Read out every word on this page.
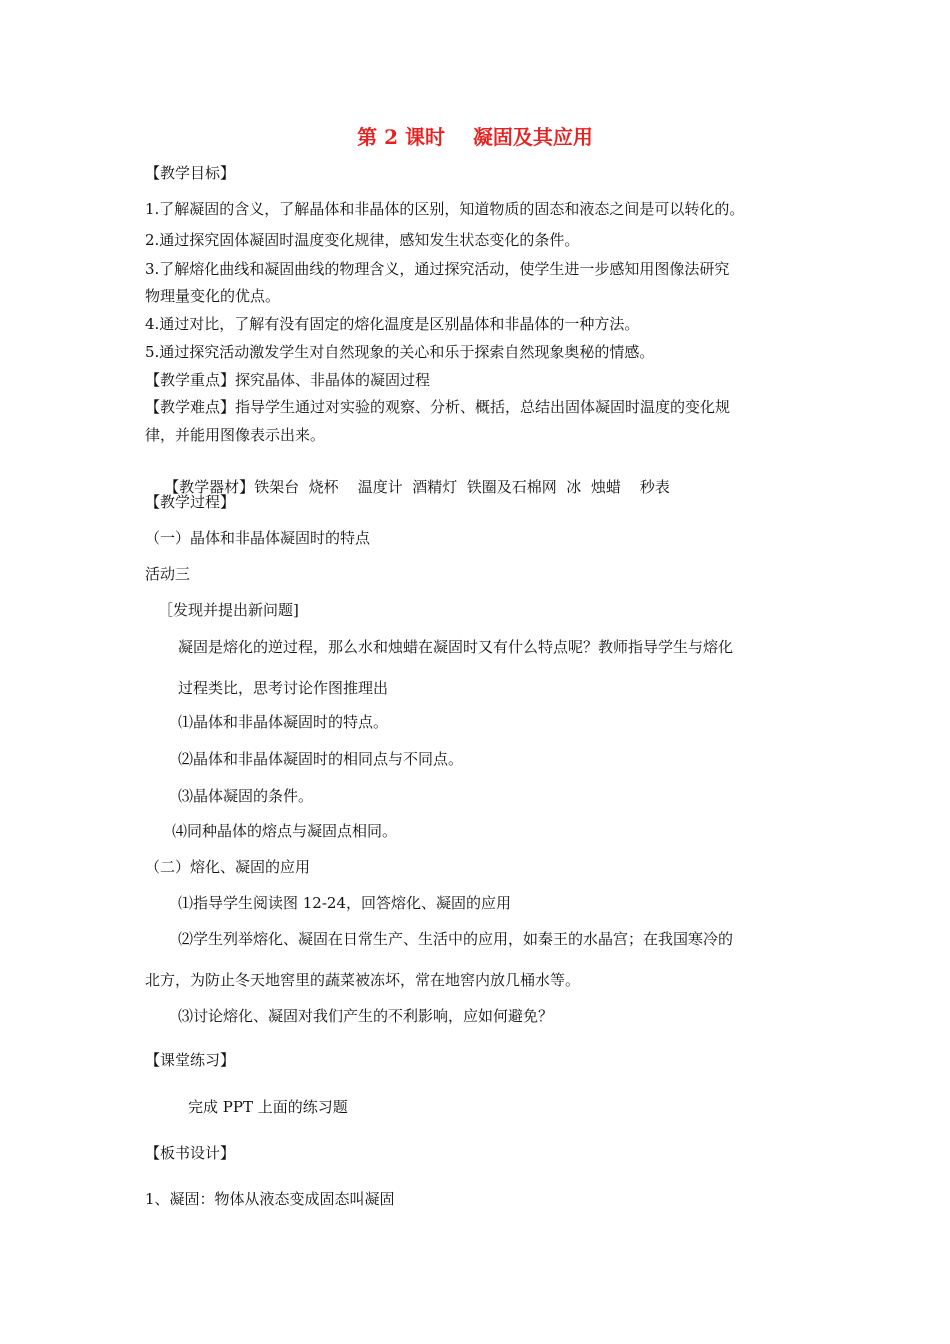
第 2 课时    凝固及其应用
【教学目标】
1.了解凝固的含义，了解晶体和非晶体的区别，知道物质的固态和液态之间是可以转化的。
2.通过探究固体凝固时温度变化规律，感知发生状态变化的条件。
3.了解熔化曲线和凝固曲线的物理含义，通过探究活动，使学生进一步感知用图像法研究
物理量变化的优点。
4.通过对比，了解有没有固定的熔化温度是区别晶体和非晶体的一种方法。
5.通过探究活动激发学生对自然现象的关心和乐于探索自然现象奥秘的情感。
【教学重点】探究晶体、非晶体的凝固过程
【教学难点】指导学生通过对实验的观察、分析、概括，总结出固体凝固时温度的变化规
律，并能用图像表示出来。

【教学器材】铁架台  烧杯    温度计  酒精灯  铁圈及石棉网  冰  烛蜡    秒表

【教学过程】
（一）晶体和非晶体凝固时的特点
活动三
［发现并提出新问题]
凝固是熔化的逆过程，那么水和烛蜡在凝固时又有什么特点呢？教师指导学生与熔化
过程类比，思考讨论作图推理出
⑴晶体和非晶体凝固时的特点。
⑵晶体和非晶体凝固时的相同点与不同点。
⑶晶体凝固的条件。
⑷同种晶体的熔点与凝固点相同。
（二）熔化、凝固的应用
⑴指导学生阅读图 12-24，回答熔化、凝固的应用
⑵学生列举熔化、凝固在日常生产、生活中的应用，如秦王的水晶宫；在我国寒冷的
北方，为防止冬天地窖里的蔬菜被冻坏，常在地窖内放几桶水等。
⑶讨论熔化、凝固对我们产生的不利影响，应如何避免？
【课堂练习】
完成 PPT 上面的练习题
【板书设计】
1、凝固：物体从液态变成固态叫凝固
